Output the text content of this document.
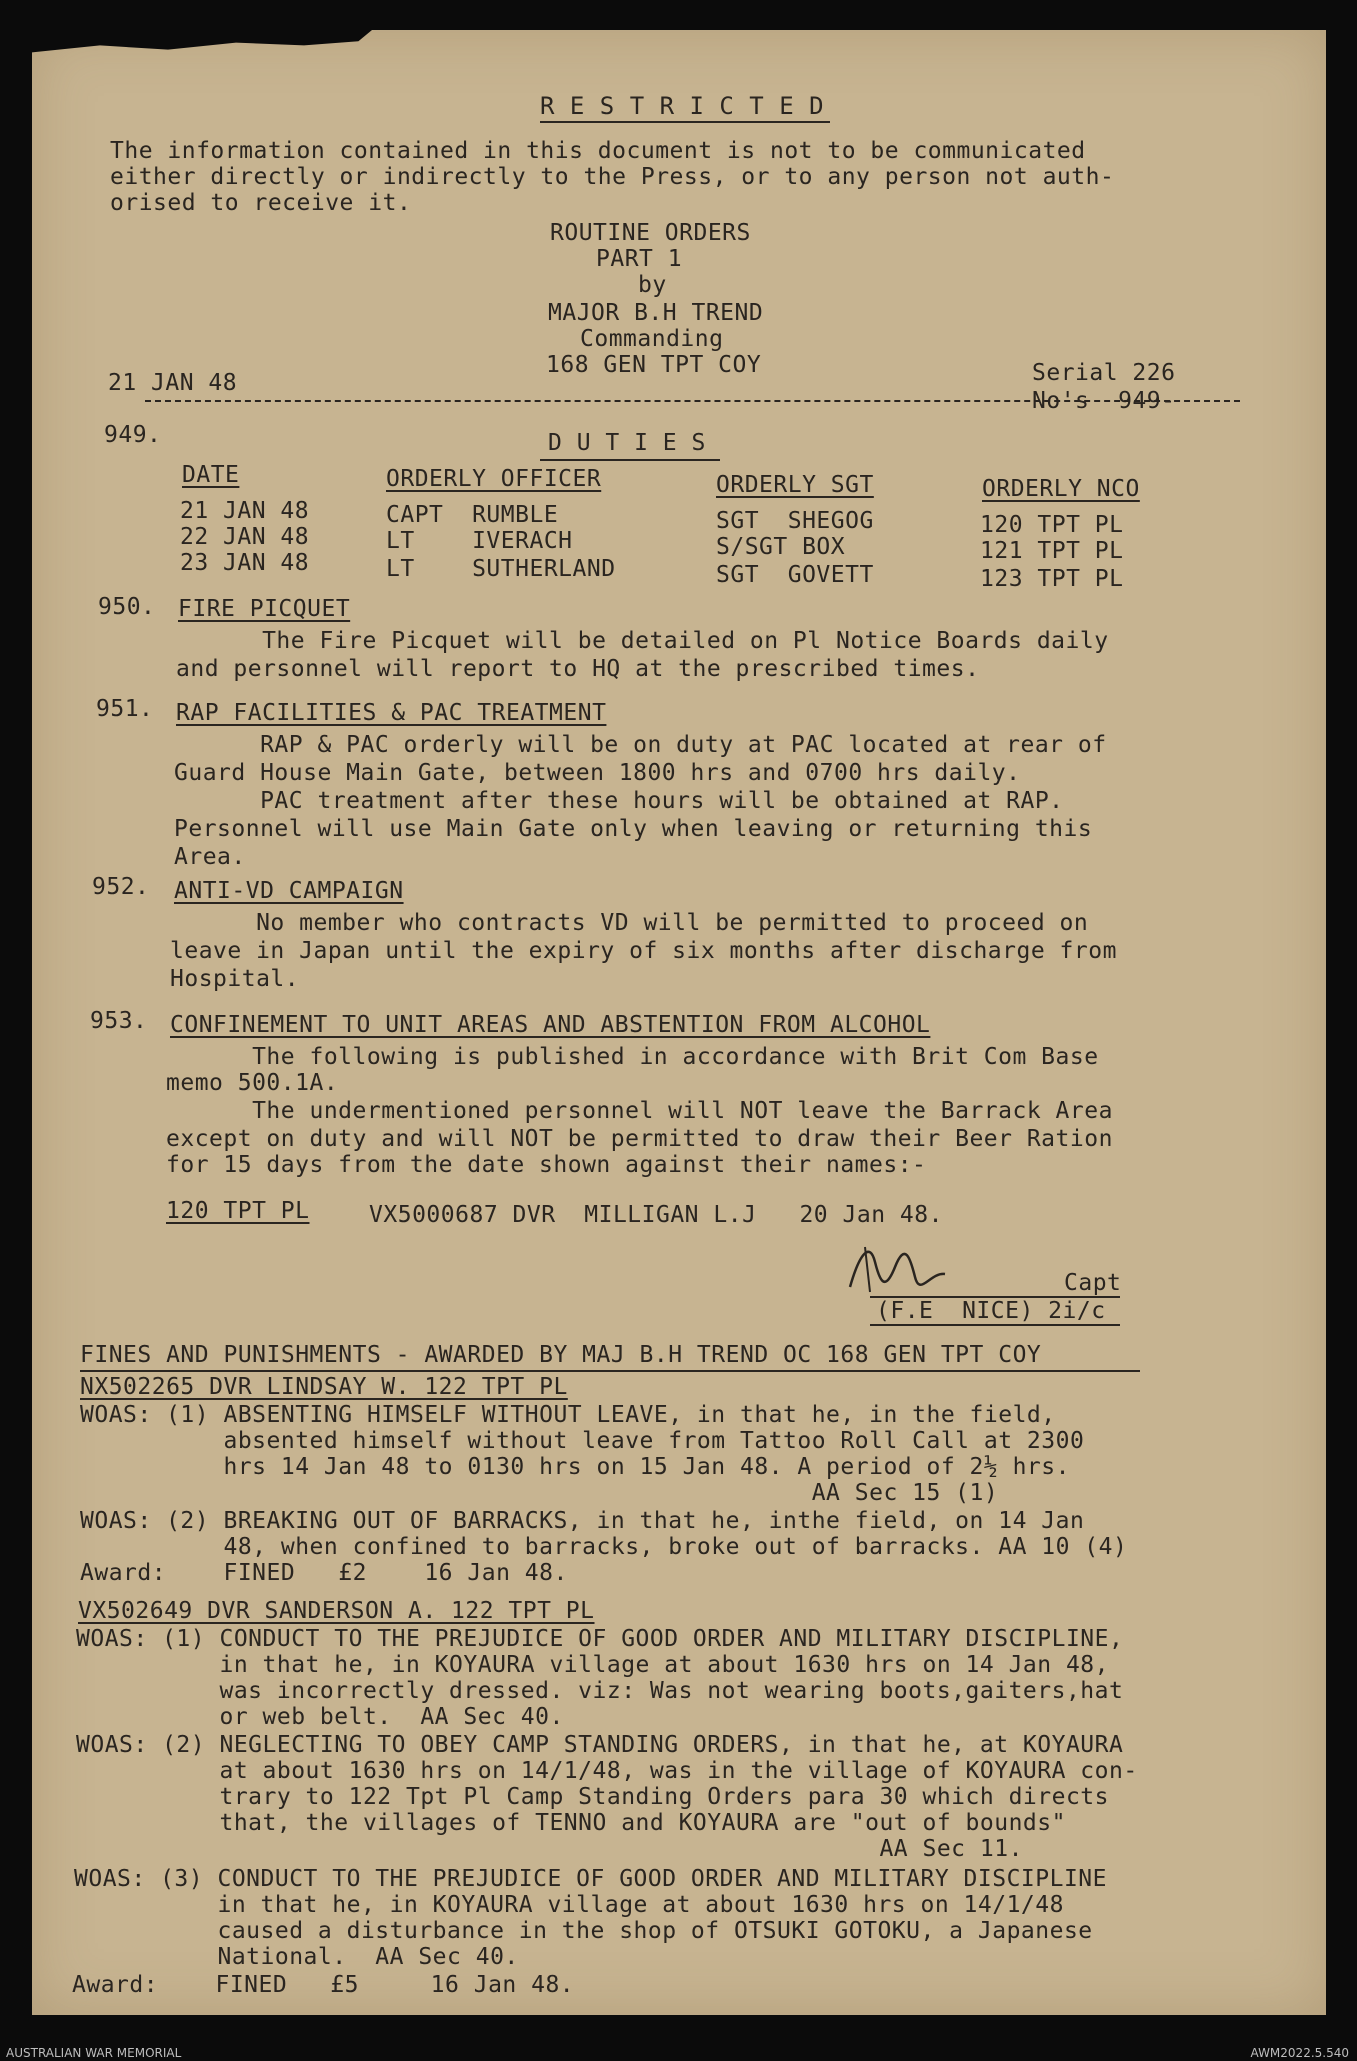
R E S T R I C T E D
The information contained in this document is not to be communicated
either directly or indirectly to the Press, or to any person not auth-
orised to receive it.
ROUTINE ORDERS
PART 1
by
MAJOR B.H TREND
Commanding
168 GEN TPT COY
21 JAN 48	Serial 226
No's  949-
949.	D U T I E S
DATE	ORDERLY OFFICER	ORDERLY SGT	ORDERLY NCO
21 JAN 48	CAPT  RUMBLE	SGT  SHEGOG	120 TPT PL
22 JAN 48	LT    IVERACH	S/SGT BOX	121 TPT PL
23 JAN 48	LT    SUTHERLAND	SGT  GOVETT	123 TPT PL
950. FIRE PICQUET
The Fire Picquet will be detailed on Pl Notice Boards daily
and personnel will report to HQ at the prescribed times.
951. RAP FACILITIES & PAC TREATMENT
RAP & PAC orderly will be on duty at PAC located at rear of
Guard House Main Gate, between 1800 hrs and 0700 hrs daily.
PAC treatment after these hours will be obtained at RAP.
Personnel will use Main Gate only when leaving or returning this
Area.
952. ANTI-VD CAMPAIGN
No member who contracts VD will be permitted to proceed on
leave in Japan until the expiry of six months after discharge from
Hospital.
953. CONFINEMENT TO UNIT AREAS AND ABSTENTION FROM ALCOHOL
The following is published in accordance with Brit Com Base
memo 500.1A.
The undermentioned personnel will NOT leave the Barrack Area
except on duty and will NOT be permitted to draw their Beer Ration
for 15 days from the date shown against their names:-
120 TPT PL VX5000687 DVR  MILLIGAN L.J   20 Jan 48.
Capt
(F.E  NICE) 2i/c
FINES AND PUNISHMENTS - AWARDED BY MAJ B.H TREND OC 168 GEN TPT COY
NX502265 DVR LINDSAY W. 122 TPT PL
WOAS: (1) ABSENTING HIMSELF WITHOUT LEAVE, in that he, in the field,
absented himself without leave from Tattoo Roll Call at 2300
hrs 14 Jan 48 to 0130 hrs on 15 Jan 48. A period of 2½ hrs.
AA Sec 15 (1)
WOAS: (2) BREAKING OUT OF BARRACKS, in that he, inthe field, on 14 Jan
48, when confined to barracks, broke out of barracks. AA 10 (4)
Award:    FINED   £2    16 Jan 48.
VX502649 DVR SANDERSON A. 122 TPT PL
WOAS: (1) CONDUCT TO THE PREJUDICE OF GOOD ORDER AND MILITARY DISCIPLINE,
in that he, in KOYAURA village at about 1630 hrs on 14 Jan 48,
was incorrectly dressed. viz: Was not wearing boots,gaiters,hat
or web belt.  AA Sec 40.
WOAS: (2) NEGLECTING TO OBEY CAMP STANDING ORDERS, in that he, at KOYAURA
at about 1630 hrs on 14/1/48, was in the village of KOYAURA con-
trary to 122 Tpt Pl Camp Standing Orders para 30 which directs
that, the villages of TENNO and KOYAURA are "out of bounds"
AA Sec 11.
WOAS: (3) CONDUCT TO THE PREJUDICE OF GOOD ORDER AND MILITARY DISCIPLINE
in that he, in KOYAURA village at about 1630 hrs on 14/1/48
caused a disturbance in the shop of OTSUKI GOTOKU, a Japanese
National.  AA Sec 40.
Award:    FINED   £5     16 Jan 48.
AUSTRALIAN WAR MEMORIAL	AWM2022.5.540
